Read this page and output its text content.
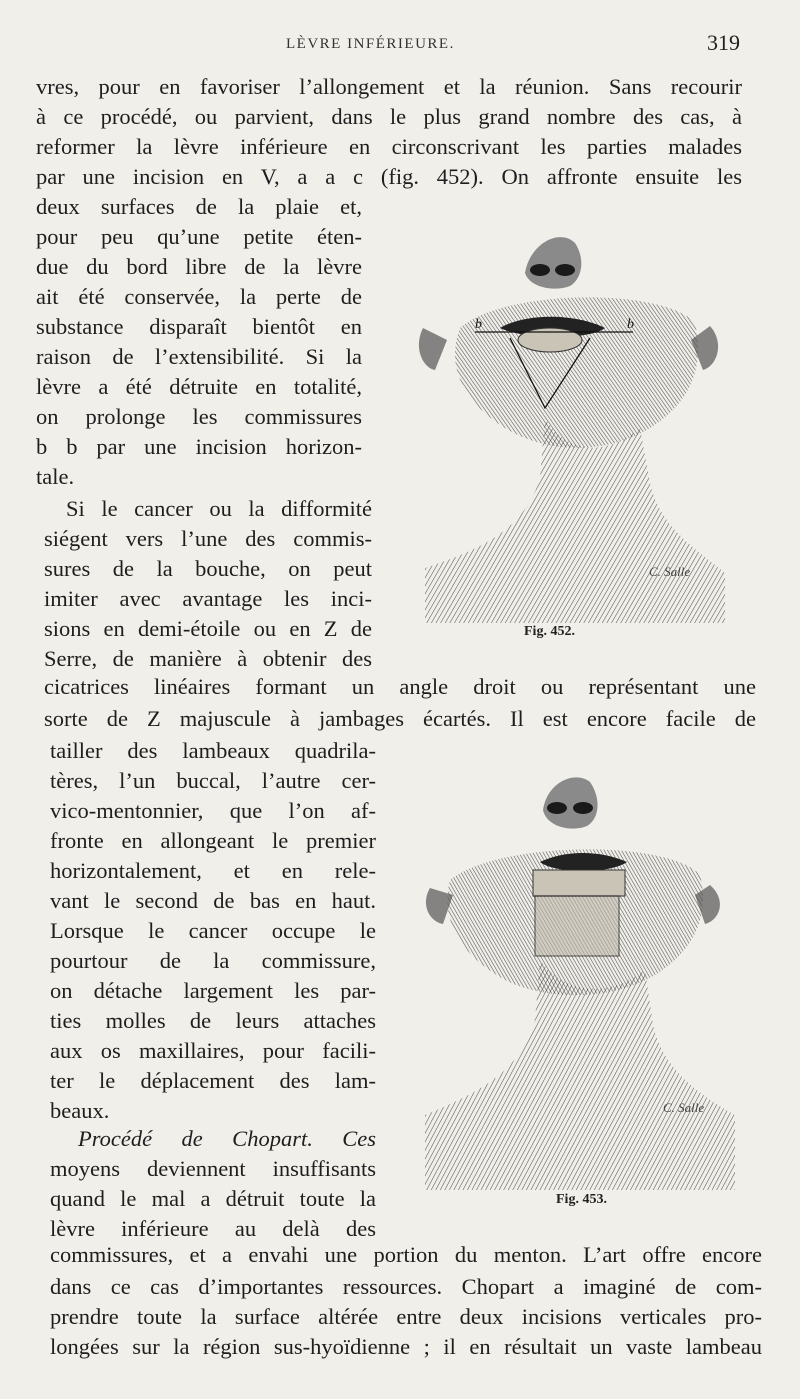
LÈVRE INFÉRIEURE.	319
vres, pour en favoriser l’allongement et la réunion. Sans recourir
à ce procédé, ou parvient, dans le plus grand nombre des cas, à
reformer la lèvre inférieure en circonscrivant les parties malades
par une incision en V, a a c (fig. 452). On affronte ensuite les
deux surfaces de la plaie et,
pour peu qu’une petite éten-
due du bord libre de la lèvre
ait été conservée, la perte de
substance disparaît bientôt en
raison de l’extensibilité. Si la
lèvre a été détruite en totalité,
on prolonge les commissures
b b par une incision horizon-
tale.
Si le cancer ou la difformité
siégent vers l’une des commis-
sures de la bouche, on peut
imiter avec avantage les inci-
sions en demi-étoile ou en Z de
Serre, de manière à obtenir des
cicatrices linéaires formant un angle droit ou représentant une
sorte de Z majuscule à jambages écartés. Il est encore facile de
tailler des lambeaux quadrila-
tères, l’un buccal, l’autre cer-
vico-mentonnier, que l’on af-
fronte en allongeant le premier
horizontalement, et en rele-
vant le second de bas en haut.
Lorsque le cancer occupe le
pourtour de la commissure,
on détache largement les par-
ties molles de leurs attaches
aux os maxillaires, pour facili-
ter le déplacement des lam-
beaux.
Procédé de Chopart. Ces
moyens deviennent insuffisants
quand le mal a détruit toute la
lèvre inférieure au delà des
commissures, et a envahi une portion du menton. L’art offre encore
dans ce cas d’importantes ressources. Chopart a imaginé de com-
prendre toute la surface altérée entre deux incisions verticales pro-
longées sur la région sus-hyoïdienne ; il en résultait un vaste lambeau
b	b
C. Salle
Fig. 452.
C. Salle
Fig. 453.
